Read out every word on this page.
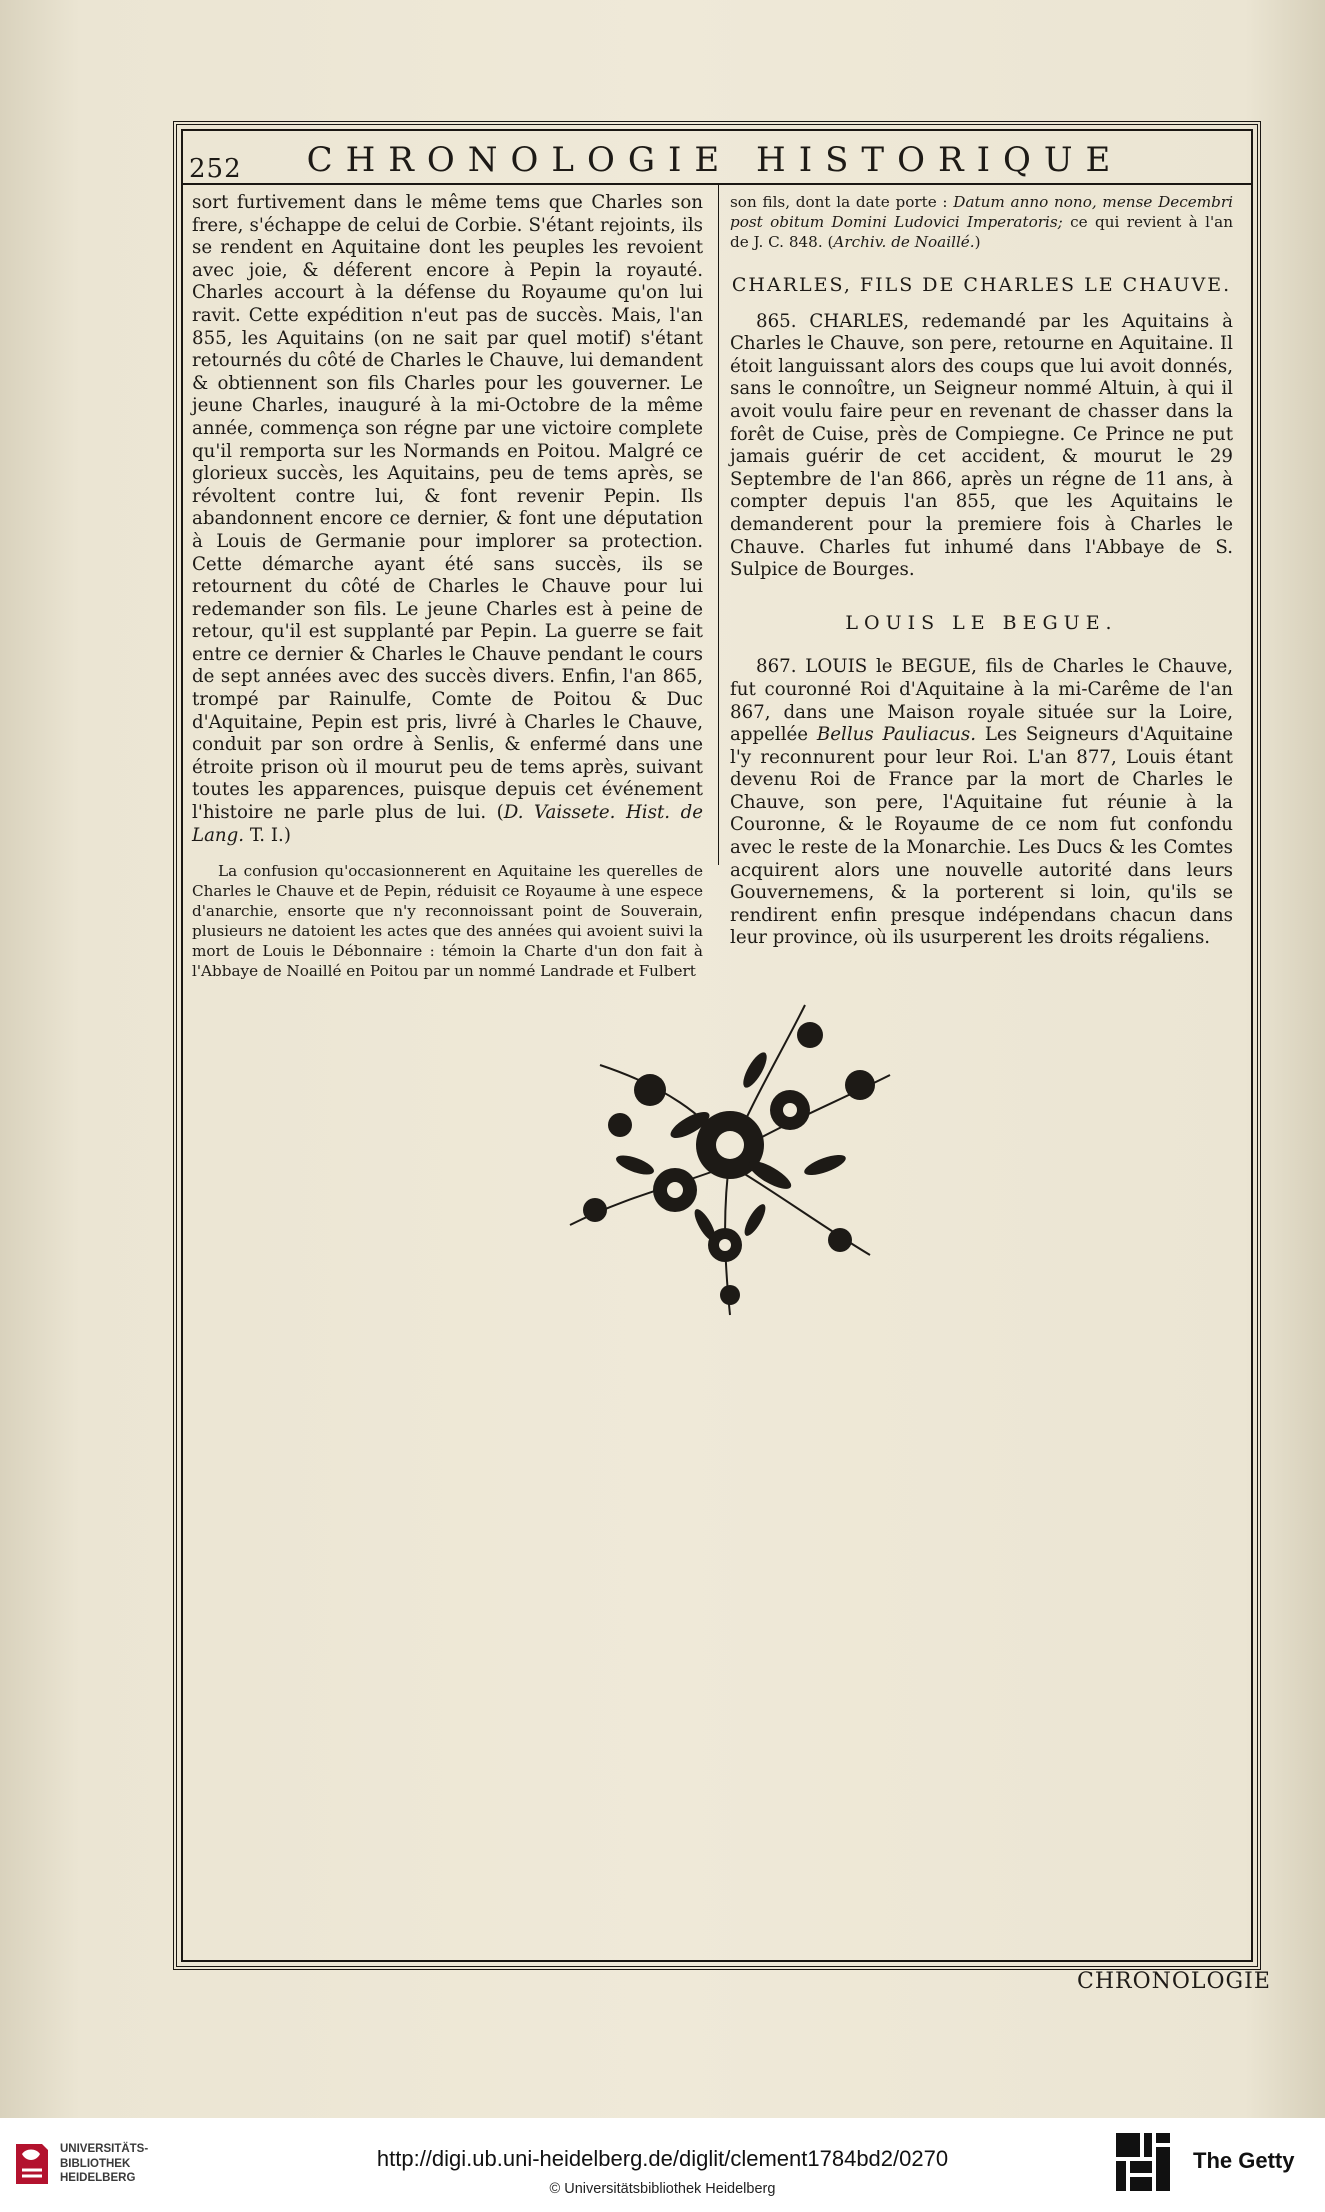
252	CHRONOLOGIE HISTORIQUE

sort furtivement dans le même tems que Charles son frere, s'échappe de celui de Corbie. S'étant rejoints, ils se rendent en Aquitaine dont les peuples les revoient avec joie, & déferent encore à Pepin la royauté. Charles accourt à la défense du Royaume qu'on lui ravit. Cette expédition n'eut pas de succès. Mais, l'an 855, les Aquitains (on ne sait par quel motif) s'étant retournés du côté de Charles le Chauve, lui demandent & obtiennent son fils Charles pour les gouverner. Le jeune Charles, inauguré à la mi-Octobre de la même année, commença son régne par une victoire complete qu'il remporta sur les Normands en Poitou. Malgré ce glorieux succès, les Aquitains, peu de tems après, se révoltent contre lui, & font revenir Pepin. Ils abandonnent encore ce dernier, & font une députation à Louis de Germanie pour implorer sa protection. Cette démarche ayant été sans succès, ils se retournent du côté de Charles le Chauve pour lui redemander son fils. Le jeune Charles est à peine de retour, qu'il est supplanté par Pepin. La guerre se fait entre ce dernier & Charles le Chauve pendant le cours de sept années avec des succès divers. Enfin, l'an 865, trompé par Rainulfe, Comte de Poitou & Duc d'Aquitaine, Pepin est pris, livré à Charles le Chauve, conduit par son ordre à Senlis, & enfermé dans une étroite prison où il mourut peu de tems après, suivant toutes les apparences, puisque depuis cet événement l'histoire ne parle plus de lui. (D. Vaissete. Hist. de Lang. T. I.)

La confusion qu'occasionnerent en Aquitaine les querelles de Charles le Chauve et de Pepin, réduisit ce Royaume à une espece d'anarchie, ensorte que n'y reconnoissant point de Souverain, plusieurs ne datoient les actes que des années qui avoient suivi la mort de Louis le Débonnaire : témoin la Charte d'un don fait à l'Abbaye de Noaillé en Poitou par un nommé Landrade et Fulbert

son fils, dont la date porte : Datum anno nono, mense Decembri post obitum Domini Ludovici Imperatoris; ce qui revient à l'an de J. C. 848. (Archiv. de Noaillé.)

CHARLES, FILS DE CHARLES LE CHAUVE.

865. CHARLES, redemandé par les Aquitains à Charles le Chauve, son pere, retourne en Aquitaine. Il étoit languissant alors des coups que lui avoit donnés, sans le connoître, un Seigneur nommé Altuin, à qui il avoit voulu faire peur en revenant de chasser dans la forêt de Cuise, près de Compiegne. Ce Prince ne put jamais guérir de cet accident, & mourut le 29 Septembre de l'an 866, après un régne de 11 ans, à compter depuis l'an 855, que les Aquitains le demanderent pour la premiere fois à Charles le Chauve. Charles fut inhumé dans l'Abbaye de S. Sulpice de Bourges.

LOUIS LE BEGUE.

867. LOUIS le BEGUE, fils de Charles le Chauve, fut couronné Roi d'Aquitaine à la mi-Carême de l'an 867, dans une Maison royale située sur la Loire, appellée Bellus Pauliacus. Les Seigneurs d'Aquitaine l'y reconnurent pour leur Roi. L'an 877, Louis étant devenu Roi de France par la mort de Charles le Chauve, son pere, l'Aquitaine fut réunie à la Couronne, & le Royaume de ce nom fut confondu avec le reste de la Monarchie. Les Ducs & les Comtes acquirent alors une nouvelle autorité dans leurs Gouvernemens, & la porterent si loin, qu'ils se rendirent enfin presque indépendans chacun dans leur province, où ils usurperent les droits régaliens.

CHRONOLOGIE
UNIVERSITÄTS-
BIBLIOTHEK
HEIDELBERG
http://digi.ub.uni-heidelberg.de/diglit/clement1784bd2/0270
© Universitätsbibliothek Heidelberg
The Getty
